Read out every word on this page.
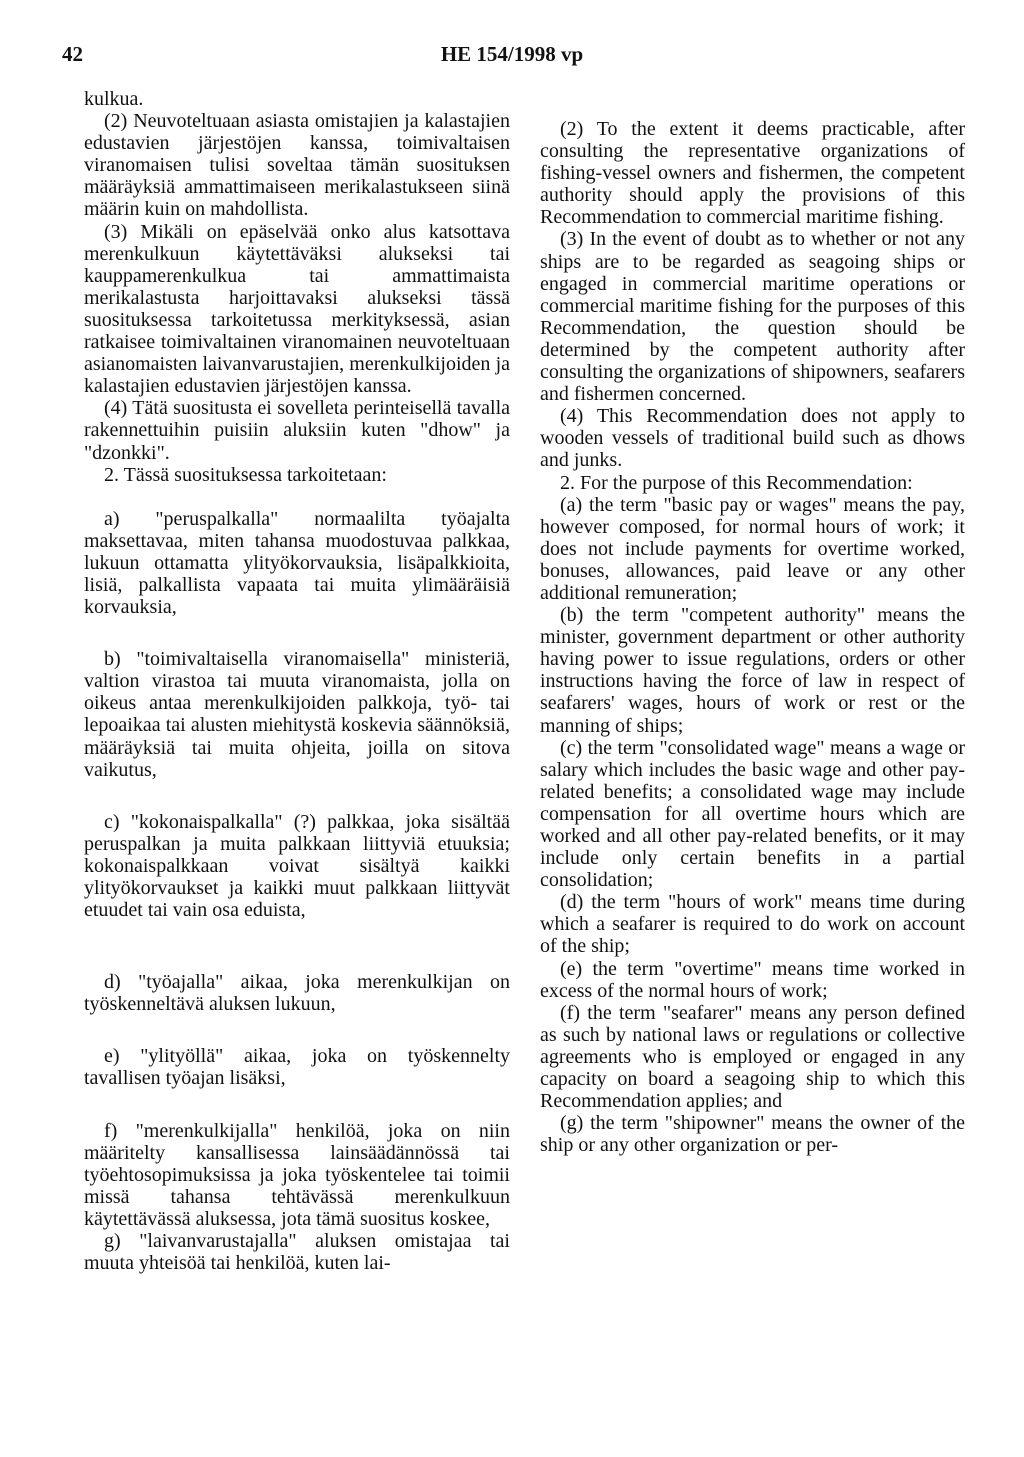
42	HE 154/1998 vp

kulkua.

(2) Neuvoteltuaan asiasta omistajien ja kalastajien edustavien järjestöjen kanssa, toimivaltaisen viranomaisen tulisi soveltaa tämän suosituksen määräyksiä ammattimaiseen merikalastukseen siinä määrin kuin on mahdollista.

(3) Mikäli on epäselvää onko alus katsottava merenkulkuun käytettäväksi alukseksi tai kauppamerenkulkua tai ammattimaista merikalastusta harjoittavaksi alukseksi tässä suosituksessa tarkoitetussa merkityksessä, asian ratkaisee toimivaltainen viranomainen neuvoteltuaan asianomaisten laivanvarustajien, merenkulkijoiden ja kalastajien edustavien järjestöjen kanssa.

(4) Tätä suositusta ei sovelleta perinteisellä tavalla rakennettuihin puisiin aluksiin kuten "dhow" ja "dzonkki".

2. Tässä suosituksessa tarkoitetaan:

a) "peruspalkalla" normaalilta työajalta maksettavaa, miten tahansa muodostuvaa palkkaa, lukuun ottamatta ylityökorvauksia, lisäpalkkioita, lisiä, palkallista vapaata tai muita ylimääräisiä korvauksia,

b) "toimivaltaisella viranomaisella" ministeriä, valtion virastoa tai muuta viranomaista, jolla on oikeus antaa merenkulkijoiden palkkoja, työ- tai lepoaikaa tai alusten miehitystä koskevia säännöksiä, määräyksiä tai muita ohjeita, joilla on sitova vaikutus,

c) "kokonaispalkalla" (?) palkkaa, joka sisältää peruspalkan ja muita palkkaan liittyviä etuuksia; kokonaispalkkaan voivat sisältyä kaikki ylityökorvaukset ja kaikki muut palkkaan liittyvät etuudet tai vain osa eduista,

d) "työajalla" aikaa, joka merenkulkijan on työskenneltävä aluksen lukuun,

e) "ylityöllä" aikaa, joka on työskennelty tavallisen työajan lisäksi,

f) "merenkulkijalla" henkilöä, joka on niin määritelty kansallisessa lainsäädännössä tai työehtosopimuksissa ja joka työskentelee tai toimii missä tahansa tehtävässä merenkulkuun käytettävässä aluksessa, jota tämä suositus koskee,

g) "laivanvarustajalla" aluksen omistajaa tai muuta yhteisöä tai henkilöä, kuten lai-

(2) To the extent it deems practicable, after consulting the representative organizations of fishing-vessel owners and fishermen, the competent authority should apply the provisions of this Recommendation to commercial maritime fishing.

(3) In the event of doubt as to whether or not any ships are to be regarded as seagoing ships or engaged in commercial maritime operations or commercial maritime fishing for the purposes of this Recommendation, the question should be determined by the competent authority after consulting the organizations of shipowners, seafarers and fishermen concerned.

(4) This Recommendation does not apply to wooden vessels of traditional build such as dhows and junks.

2. For the purpose of this Recommendation:

(a) the term "basic pay or wages" means the pay, however composed, for normal hours of work; it does not include payments for overtime worked, bonuses, allowances, paid leave or any other additional remuneration;

(b) the term "competent authority" means the minister, government department or other authority having power to issue regulations, orders or other instructions having the force of law in respect of seafarers' wages, hours of work or rest or the manning of ships;

(c) the term "consolidated wage" means a wage or salary which includes the basic wage and other pay-related benefits; a consolidated wage may include compensation for all overtime hours which are worked and all other pay-related benefits, or it may include only certain benefits in a partial consolidation;

(d) the term "hours of work" means time during which a seafarer is required to do work on account of the ship;

(e) the term "overtime" means time worked in excess of the normal hours of work;

(f) the term "seafarer" means any person defined as such by national laws or regulations or collective agreements who is employed or engaged in any capacity on board a seagoing ship to which this Recommendation applies; and

(g) the term "shipowner" means the owner of the ship or any other organization or per-
